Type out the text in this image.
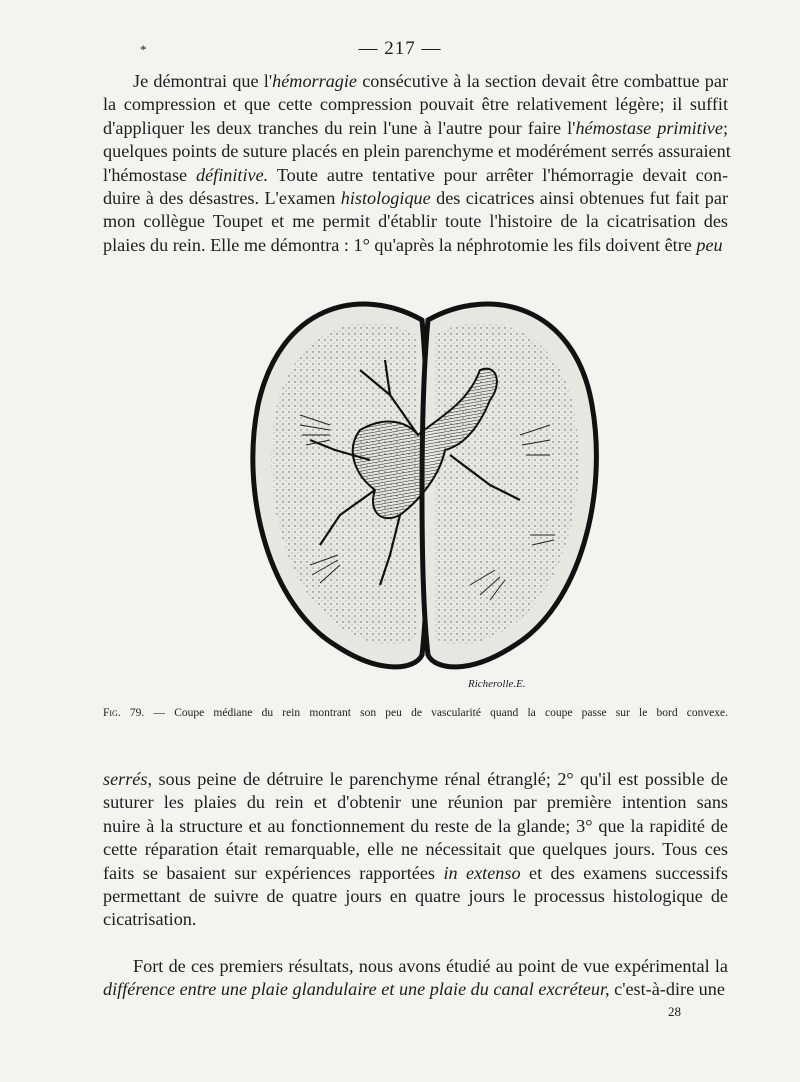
*	— 217 —
Je démontrai que l'hémorragie consécutive à la section devait être combattue par
la compression et que cette compression pouvait être relativement légère; il suffit
d'appliquer les deux tranches du rein l'une à l'autre pour faire l'hémostase primitive;
quelques points de suture placés en plein parenchyme et modérément serrés assuraient
l'hémostase définitive. Toute autre tentative pour arrêter l'hémorragie devait con-
duire à des désastres. L'examen histologique des cicatrices ainsi obtenues fut fait par
mon collègue Toupet et me permit d'établir toute l'histoire de la cicatrisation des
plaies du rein. Elle me démontra : 1° qu'après la néphrotomie les fils doivent être peu
Richerolle.E.
Fig. 79. — Coupe médiane du rein montrant son peu de vascularité quand la coupe passe sur le bord convexe.
serrés, sous peine de détruire le parenchyme rénal étranglé; 2° qu'il est possible de
suturer les plaies du rein et d'obtenir une réunion par première intention sans
nuire à la structure et au fonctionnement du reste de la glande; 3° que la rapidité de
cette réparation était remarquable, elle ne nécessitait que quelques jours. Tous ces
faits se basaient sur expériences rapportées in extenso et des examens successifs
permettant de suivre de quatre jours en quatre jours le processus histologique de
cicatrisation.
Fort de ces premiers résultats, nous avons étudié au point de vue expérimental la
différence entre une plaie glandulaire et une plaie du canal excréteur, c'est-à-dire une
28
